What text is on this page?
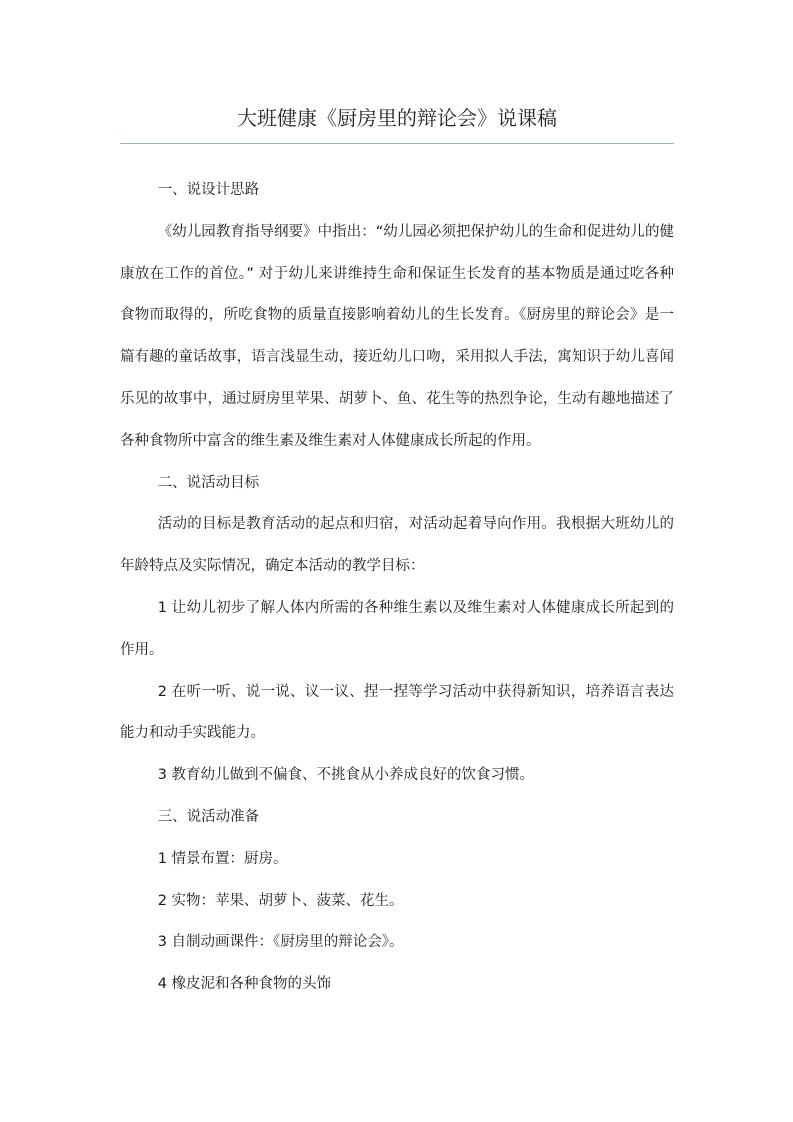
大班健康《厨房里的辩论会》说课稿

一、说设计思路

《幼儿园教育指导纲要》中指出：“幼儿园必须把保护幼儿的生命和促进幼儿的健康放在工作的首位。” 对于幼儿来讲维持生命和保证生长发育的基本物质是通过吃各种食物而取得的，所吃食物的质量直接影响着幼儿的生长发育。《厨房里的辩论会》是一篇有趣的童话故事，语言浅显生动，接近幼儿口吻，采用拟人手法，寓知识于幼儿喜闻乐见的故事中，通过厨房里苹果、胡萝卜、鱼、花生等的热烈争论，生动有趣地描述了各种食物所中富含的维生素及维生素对人体健康成长所起的作用。

二、说活动目标

活动的目标是教育活动的起点和归宿，对活动起着导向作用。我根据大班幼儿的年龄特点及实际情况，确定本活动的教学目标：

1 让幼儿初步了解人体内所需的各种维生素以及维生素对人体健康成长所起到的作用。

2 在听一听、说一说、议一议、捏一捏等学习活动中获得新知识，培养语言表达能力和动手实践能力。

3 教育幼儿做到不偏食、不挑食从小养成良好的饮食习惯。

三、说活动准备

1 情景布置：厨房。

2 实物：苹果、胡萝卜、菠菜、花生。

3 自制动画课件：《厨房里的辩论会》。

4 橡皮泥和各种食物的头饰
